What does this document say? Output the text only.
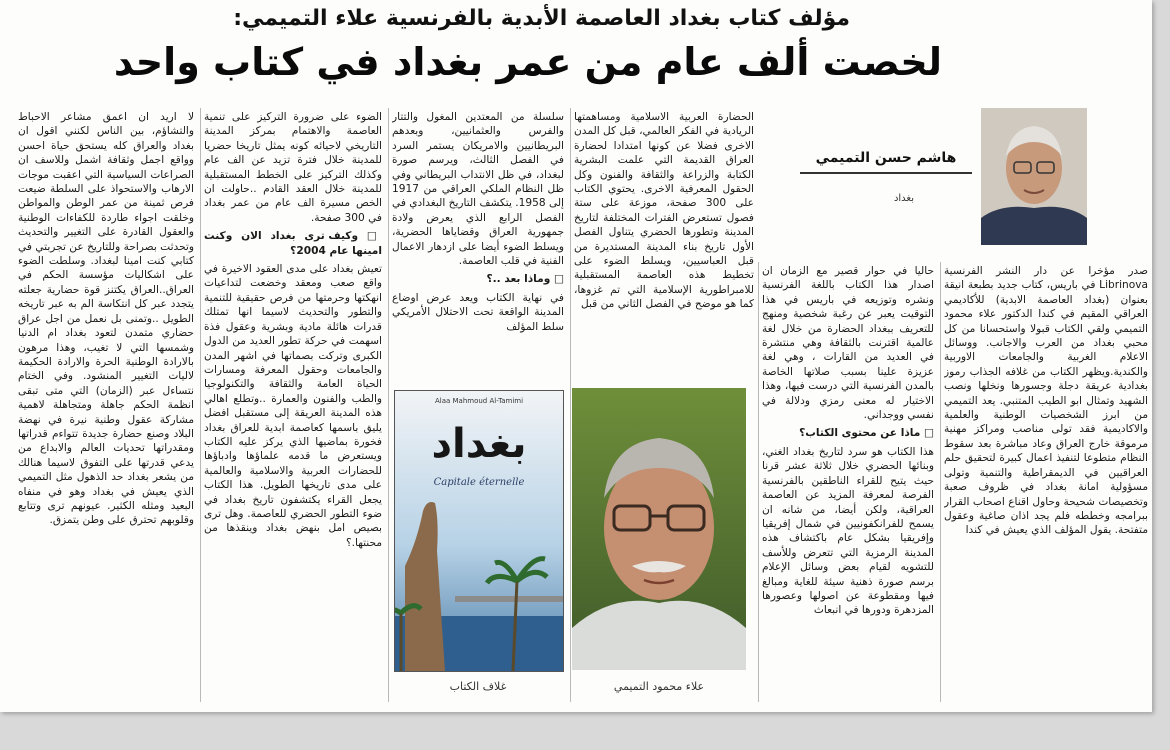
مؤلف كتاب بغداد العاصمة الأبدية بالفرنسية علاء التميمي:
لخصت ألف عام من عمر بغداد في كتاب واحد
هاشم حسن التميمي
بغداد

صدر مؤخرا عن دار النشر الفرنسية Librinova في باريس، كتاب جديد بطبعة انيقة بعنوان (بغداد العاصمة الابدية) للأكاديمي العراقي المقيم في كندا الدكتور علاء محمود التميمي ولقي الكتاب قبولا واستحسانا من كل محبي بغداد من العرب والاجانب. ووسائل الاعلام الغربية والجامعات الاوربية والكندية.ويظهر الكتاب من غلافه الجذاب رموز بغدادية عريقة دجلة وجسورها ونخلها ونصب الشهيد وتمثال ابو الطيب المتنبي. يعد التميمي من ابرز الشخصيات الوطنية والعلمية والاكاديمية فقد تولى مناصب ومراكز مهنية مرموقة خارج العراق وعاد مباشرة بعد سقوط النظام متطوعا لتنفيذ اعمال كبيرة لتحقيق حلم العراقيين في الديمقراطية والتنمية وتولى مسؤولية امانة بغداد في ظروف صعبة وتخصيصات شحيحة وحاول اقناع اصحاب القرار ببرامجه وخططه فلم يجد اذان صاغية وعقول متفتحة. يقول المؤلف الذي يعيش في كندا

حاليا في حوار قصير مع الزمان ان اصدار هذا الكتاب باللغة الفرنسية ونشره وتوزيعه في باريس في هذا التوقيت يعبر عن رغبة شخصية ومنهج للتعريف ببغداد الحضارة من خلال لغة عالمية اقترنت بالثقافة وهي منتشرة في العديد من القارات ، وهي لغة عزيزة علينا بسبب صلاتها الخاصة بالمدن الفرنسية التي درست فيها، وهذا الاختيار له معنى رمزي ودلالة في نفسي ووجداني.

□ ماذا عن محتوى الكتاب؟

هذا الكتاب هو سرد لتاريخ بغداد الغني، وبنائها الحضري خلال ثلاثة عشر قرنا حيث يتيح للقراء الناطقين بالفرنسية الفرصة لمعرفة المزيد عن العاصمة العراقية، ولكن أيضا، من شانه ان يسمح للفرانكفونيين في شمال إفريقيا وإفريقيا بشكل عام باكتشاف هذه المدينة الرمزية التي تتعرض وللأسف للتشويه لقيام بعض وسائل الإعلام برسم صورة ذهنية سيئة للغاية ومبالغ فيها ومقطوعة عن اصولها وعصورها المزدهرة ودورها في انبعاث

الحضارة العربية الاسلامية ومساهمتها الريادية في الفكر العالمي، قبل كل المدن الاخرى فضلا عن كونها امتدادا لحضارة العراق القديمة التي علمت البشرية الكتابة والزراعة والثقافة والفنون وكل الحقول المعرفية الاخرى. يحتوي الكتاب على 300 صفحة، موزعة على ستة فصول تستعرض الفترات المختلفة لتاريخ المدينة وتطورها الحضري يتناول الفصل الأول تاريخ بناء المدينة المستديرة من قبل العباسيين، ويسلط الضوء على تخطيط هذه العاصمة المستقبلية للامبراطورية الإسلامية التي تم غزوها، كما هو موضح في الفصل الثاني من قبل

سلسلة من المعتدين المغول والتتار والفرس والعثمانيين، وبعدهم البريطانيين والامريكان يستمر السرد في الفصل الثالث، ويرسم صورة لبغداد، في ظل الانتداب البريطاني وفي ظل النظام الملكي العراقي من 1917 إلى 1958. يتكشف التاريخ البغدادي في الفصل الرابع الذي يعرض ولادة جمهورية العراق وقضاياها الحضرية، ويسلط الضوء أيضا على ازدهار الاعمال الفنية في قلب العاصمة.

□ وماذا بعد ..؟

في نهاية الكتاب ويعد عرض اوضاع المدينة الواقعة تحت الاحتلال الأمريكي سلط المؤلف

علاء محمود التميمي
Alaa Mahmoud Al-Tamimi
بغداد
Capitale éternelle
غلاف الكتاب

الضوء على ضرورة التركيز على تنمية العاصمة والاهتمام بمركز المدينة التاريخي لاحيائه كونه يمثل تاريخا حضريا للمدينة خلال فترة تزيد عن الف عام وكذلك التركيز على الخطط المستقبلية للمدينة خلال العقد القادم ..حاولت ان الخص مسيرة الف عام من عمر بغداد في 300 صفحة.

□ وكيف ترى بغداد الان وكنت امينها عام 2004؟

تعيش بغداد على مدى العقود الاخيرة في واقع صعب ومعقد وخضعت لتداعيات انهكتها وحرمتها من فرص حقيقية للتنمية والتطور والتحديث لاسيما انها تمتلك قدرات هائلة مادية وبشرية وعقول فذة اسهمت في حركة تطور العديد من الدول الكبرى وتركت بصماتها في اشهر المدن والجامعات وحقول المعرفة ومسارات الحياة العامة والثقافة والتكنولوجيا والطب والفنون والعمارة ..وتطلع اهالي هذه المدينة العريقة إلى مستقبل افضل يليق باسمها كعاصمة ابدية للعراق بغداد فخورة بماضيها الذي يركز عليه الكتاب ويستعرض ما قدمه علماؤها وادباؤها للحضارات العربية والاسلامية والعالمية على مدى تاريخها الطويل. هذا الكتاب يجعل القراء يكتشفون تاريخ بغداد في ضوء التطور الحضري للعاصمة. وهل ترى بصيص امل بنهض بغداد وينقذها من محنتها.؟

لا اريد ان اعمق مشاعر الاحباط والتشاؤم، بين الناس لكنني اقول ان بغداد والعراق كله يستحق حياة احسن وواقع اجمل وثقافة اشمل وللاسف ان الصراعات السياسية التي اعقبت موجات الارهاب والاستحواذ على السلطة ضيعت فرص ثمينة من عمر الوطن والمواطن وخلقت اجواء طاردة للكفاءات الوطنية والعقول القادرة على التغيير والتحديث وتحدثت بصراحة وللتاريخ عن تجربتي في كتابي كنت امينا لبغداد. وسلطت الضوء على اشكاليات مؤسسة الحكم في العراق..العراق يكتنز قوة حضارية جعلته يتجدد عبر كل انتكاسة الم به عبر تاريخه الطويل ..وتمنى بل نعمل من اجل عراق حضاري متمدن لتعود بغداد ام الدنيا وشمسها التي لا تغيب، وهذا مرهون بالارادة الوطنية الحرة والارادة الحكيمة لاليات التغيير المنشود. وفي الختام نتساءل عبر (الزمان) التي متى تبقى انظمة الحكم جاهلة ومتجاهلة لاهمية مشاركة عقول وطنية نيرة في نهضة البلاد وصنع حضارة جديدة تتواءم قدراتها ومقدراتها تحديات العالم والابداع من يدعي قدرتها على التفوق لاسيما هنالك من يشعر بغداد حد الذهول مثل التميمي الذي يعيش في بغداد وهو في منفاه البعيد ومثله الكثير. عيونهم ترى وتتابع وقلوبهم تحترق على وطن يتمزق.
